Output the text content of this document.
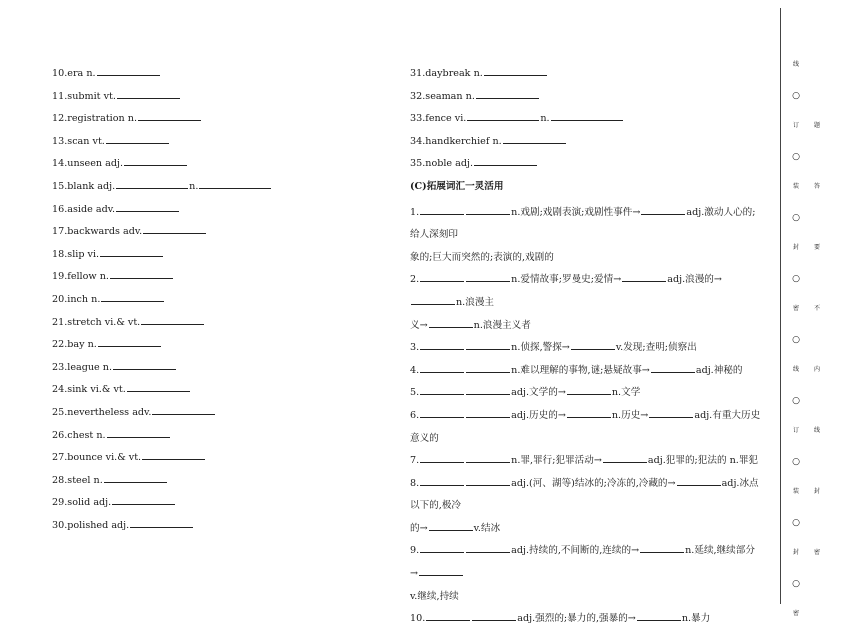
10.era n.
11.submit vt.
12.registration n.
13.scan vt.
14.unseen adj.
15.blank adj.	n.
16.aside adv.
17.backwards adv.
18.slip vi.
19.fellow n.
20.inch n.
21.stretch vi.& vt.
22.bay n.
23.league n.
24.sink vi.& vt.
25.nevertheless adv.
26.chest n.
27.bounce vi.& vt.
28.steel n.
29.solid adj.
30.polished adj.
31.daybreak n.
32.seaman n.
33.fence vi.	n.
34.handkerchief n.
35.noble adj.
(C)拓展词汇一灵活用
1.	n.戏剧;戏剧表演;戏剧性事件→	adj.激动人心的;给人深刻印
象的;巨大而突然的;表演的,戏剧的
2.	n.爱情故事;罗曼史;爱情→	adj.浪漫的→n.浪漫主
义→	n.浪漫主义者
3.	n.侦探,警探→	v.发现;查明;侦察出
4.	n.难以理解的事物,谜;悬疑故事→	adj.神秘的
5.	adj.文学的→	n.文学
6.	adj.历史的→	n.历史→	adj.有重大历史意义的
7.	n.罪,罪行;犯罪活动→	adj.犯罪的;犯法的 n.罪犯
8.	adj.(河、湖等)结冰的;冷冻的,冷藏的→	adj.冰点以下的,极冷
的→	v.结冰
9.	adj.持续的,不间断的,连续的→	n.延续,继续部分→
v.继续,持续
10.	adj.强烈的;暴力的,强暴的→	n.暴力
线
○
订
○
装
○
封
○
密
○
线
○
订
○
装
○
封
○
密
题
答
要
不
内
线
封
密
